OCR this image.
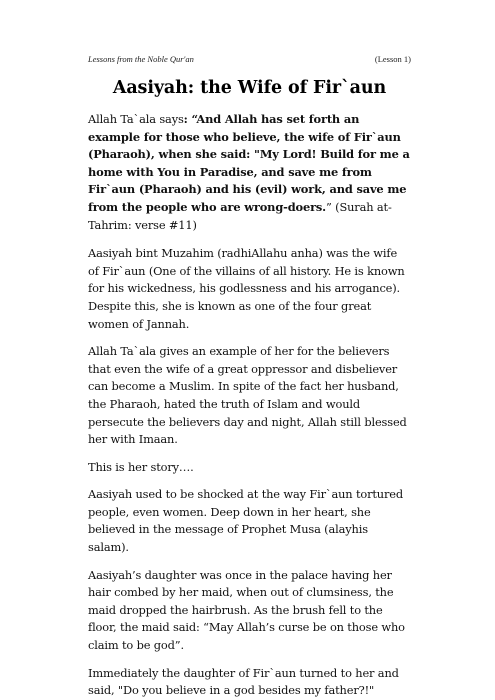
Lessons from the Noble Qur'an	(Lesson 1)
Aasiyah: the Wife of Fir`aun

Allah Ta`ala says: “And Allah has set forth an example for those who believe, the wife of Fir`aun (Pharaoh), when she said: "My Lord! Build for me a home with You in Paradise, and save me from Fir`aun (Pharaoh) and his (evil) work, and save me from the people who are wrong-doers.” (Surah at-Tahrim: verse #11)

Aasiyah bint Muzahim (radhiAllahu anha) was the wife of Fir`aun (One of the villains of all history. He is known for his wickedness, his godlessness and his arrogance). Despite this, she is known as one of the four great women of Jannah.

Allah Ta`ala gives an example of her for the believers that even the wife of a great oppressor and disbeliever can become a Muslim. In spite of the fact her husband, the Pharaoh, hated the truth of Islam and would persecute the believers day and night, Allah still blessed her with Imaan.

This is her story….

Aasiyah used to be shocked at the way Fir`aun tortured people, even women. Deep down in her heart, she believed in the message of Prophet Musa (alayhis salam).

Aasiyah’s daughter was once in the palace having her hair combed by her maid, when out of clumsiness, the maid dropped the hairbrush. As the brush fell to the floor, the maid said: “May Allah’s curse be on those who claim to be god”.

Immediately the daughter of Fir`aun turned to her and said, "Do you believe in a god besides my father?!"
